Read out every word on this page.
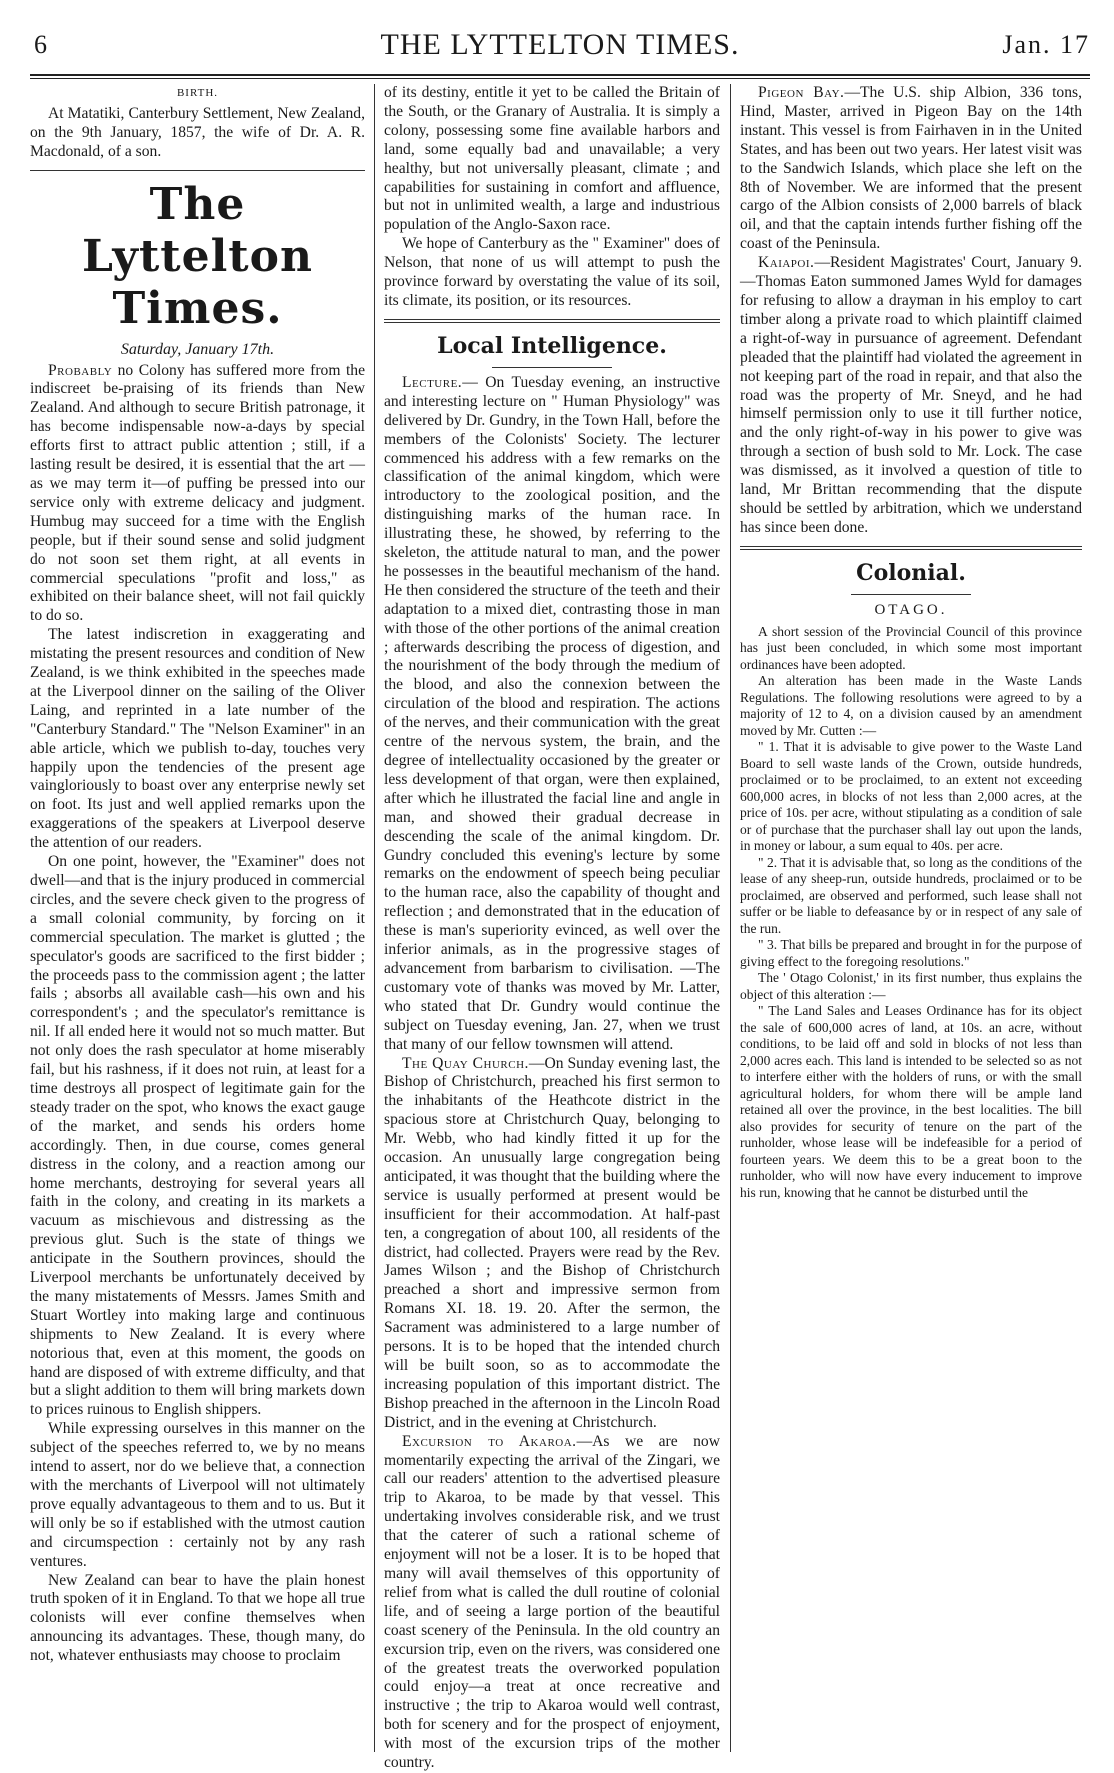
6	THE LYTTELTON TIMES.	Jan. 17
BIRTH.

At Matatiki, Canterbury Settlement, New Zealand, on the 9th January, 1857, the wife of Dr. A. R. Macdonald, of a son.

The Lyttelton Times.
Saturday, January 17th.

Probably no Colony has suffered more from the indiscreet be-praising of its friends than New Zealand. And although to secure British patronage, it has become indispensable now-a-days by special efforts first to attract public attention ; still, if a lasting result be desired, it is essential that the art —as we may term it—of puffing be pressed into our service only with extreme delicacy and judgment. Humbug may succeed for a time with the English people, but if their sound sense and solid judgment do not soon set them right, at all events in commercial speculations "profit and loss," as exhibited on their balance sheet, will not fail quickly to do so.

The latest indiscretion in exaggerating and mistating the present resources and condition of New Zealand, is we think exhibited in the speeches made at the Liverpool dinner on the sailing of the Oliver Laing, and reprinted in a late number of the "Canterbury Standard." The "Nelson Examiner" in an able article, which we publish to-day, touches very happily upon the tendencies of the present age vaingloriously to boast over any enterprise newly set on foot. Its just and well applied remarks upon the exaggerations of the speakers at Liverpool deserve the attention of our readers.

On one point, however, the "Examiner" does not dwell—and that is the injury produced in commercial circles, and the severe check given to the progress of a small colonial community, by forcing on it commercial speculation. The market is glutted ; the speculator's goods are sacrificed to the first bidder ; the proceeds pass to the commission agent ; the latter fails ; absorbs all available cash—his own and his correspondent's ; and the speculator's remittance is nil. If all ended here it would not so much matter. But not only does the rash speculator at home miserably fail, but his rashness, if it does not ruin, at least for a time destroys all prospect of legitimate gain for the steady trader on the spot, who knows the exact gauge of the market, and sends his orders home accordingly. Then, in due course, comes general distress in the colony, and a reaction among our home merchants, destroying for several years all faith in the colony, and creating in its markets a vacuum as mischievous and distressing as the previous glut. Such is the state of things we anticipate in the Southern provinces, should the Liverpool merchants be unfortunately deceived by the many mistatements of Messrs. James Smith and Stuart Wortley into making large and continuous shipments to New Zealand. It is every where notorious that, even at this moment, the goods on hand are disposed of with extreme difficulty, and that but a slight addition to them will bring markets down to prices ruinous to English shippers.

While expressing ourselves in this manner on the subject of the speeches referred to, we by no means intend to assert, nor do we believe that, a connection with the merchants of Liverpool will not ultimately prove equally advantageous to them and to us. But it will only be so if established with the utmost caution and circumspection : certainly not by any rash ventures.

New Zealand can bear to have the plain honest truth spoken of it in England. To that we hope all true colonists will ever confine themselves when announcing its advantages. These, though many, do not, whatever enthusiasts may choose to proclaim

of its destiny, entitle it yet to be called the Britain of the South, or the Granary of Australia. It is simply a colony, possessing some fine available harbors and land, some equally bad and unavailable; a very healthy, but not universally pleasant, climate ; and capabilities for sustaining in comfort and affluence, but not in unlimited wealth, a large and industrious population of the Anglo-Saxon race.

We hope of Canterbury as the " Examiner" does of Nelson, that none of us will attempt to push the province forward by overstating the value of its soil, its climate, its position, or its resources.

Local Intelligence.

Lecture.— On Tuesday evening, an instructive and interesting lecture on " Human Physiology" was delivered by Dr. Gundry, in the Town Hall, before the members of the Colonists' Society. The lecturer commenced his address with a few remarks on the classification of the animal kingdom, which were introductory to the zoological position, and the distinguishing marks of the human race. In illustrating these, he showed, by referring to the skeleton, the attitude natural to man, and the power he possesses in the beautiful mechanism of the hand. He then considered the structure of the teeth and their adaptation to a mixed diet, contrasting those in man with those of the other portions of the animal creation ; afterwards describing the process of digestion, and the nourishment of the body through the medium of the blood, and also the connexion between the circulation of the blood and respiration. The actions of the nerves, and their communication with the great centre of the nervous system, the brain, and the degree of intellectuality occasioned by the greater or less development of that organ, were then explained, after which he illustrated the facial line and angle in man, and showed their gradual decrease in descending the scale of the animal kingdom. Dr. Gundry concluded this evening's lecture by some remarks on the endowment of speech being peculiar to the human race, also the capability of thought and reflection ; and demonstrated that in the education of these is man's superiority evinced, as well over the inferior animals, as in the progressive stages of advancement from barbarism to civilisation. —The customary vote of thanks was moved by Mr. Latter, who stated that Dr. Gundry would continue the subject on Tuesday evening, Jan. 27, when we trust that many of our fellow townsmen will attend.

The Quay Church.—On Sunday evening last, the Bishop of Christchurch, preached his first sermon to the inhabitants of the Heathcote district in the spacious store at Christchurch Quay, belonging to Mr. Webb, who had kindly fitted it up for the occasion. An unusually large congregation being anticipated, it was thought that the building where the service is usually performed at present would be insufficient for their accommodation. At half-past ten, a congregation of about 100, all residents of the district, had collected. Prayers were read by the Rev. James Wilson ; and the Bishop of Christchurch preached a short and impressive sermon from Romans XI. 18. 19. 20. After the sermon, the Sacrament was administered to a large number of persons. It is to be hoped that the intended church will be built soon, so as to accommodate the increasing population of this important district. The Bishop preached in the afternoon in the Lincoln Road District, and in the evening at Christchurch.

Excursion to Akaroa.—As we are now momentarily expecting the arrival of the Zingari, we call our readers' attention to the advertised pleasure trip to Akaroa, to be made by that vessel. This undertaking involves considerable risk, and we trust that the caterer of such a rational scheme of enjoyment will not be a loser. It is to be hoped that many will avail themselves of this opportunity of relief from what is called the dull routine of colonial life, and of seeing a large portion of the beautiful coast scenery of the Peninsula. In the old country an excursion trip, even on the rivers, was considered one of the greatest treats the overworked population could enjoy—a treat at once recreative and instructive ; the trip to Akaroa would well contrast, both for scenery and for the prospect of enjoyment, with most of the excursion trips of the mother country.

Pigeon Bay.—The U.S. ship Albion, 336 tons, Hind, Master, arrived in Pigeon Bay on the 14th instant. This vessel is from Fairhaven in in the United States, and has been out two years. Her latest visit was to the Sandwich Islands, which place she left on the 8th of November. We are informed that the present cargo of the Albion consists of 2,000 barrels of black oil, and that the captain intends further fishing off the coast of the Peninsula.

Kaiapoi.—Resident Magistrates' Court, January 9.—Thomas Eaton summoned James Wyld for damages for refusing to allow a drayman in his employ to cart timber along a private road to which plaintiff claimed a right-of-way in pursuance of agreement. Defendant pleaded that the plaintiff had violated the agreement in not keeping part of the road in repair, and that also the road was the property of Mr. Sneyd, and he had himself permission only to use it till further notice, and the only right-of-way in his power to give was through a section of bush sold to Mr. Lock. The case was dismissed, as it involved a question of title to land, Mr Brittan recommending that the dispute should be settled by arbitration, which we understand has since been done.

Colonial.
OTAGO.

A short session of the Provincial Council of this province has just been concluded, in which some most important ordinances have been adopted.

An alteration has been made in the Waste Lands Regulations. The following resolutions were agreed to by a majority of 12 to 4, on a division caused by an amendment moved by Mr. Cutten :—

" 1. That it is advisable to give power to the Waste Land Board to sell waste lands of the Crown, outside hundreds, proclaimed or to be proclaimed, to an extent not exceeding 600,000 acres, in blocks of not less than 2,000 acres, at the price of 10s. per acre, without stipulating as a condition of sale or of purchase that the purchaser shall lay out upon the lands, in money or labour, a sum equal to 40s. per acre.

" 2. That it is advisable that, so long as the conditions of the lease of any sheep-run, outside hundreds, proclaimed or to be proclaimed, are observed and performed, such lease shall not suffer or be liable to defeasance by or in respect of any sale of the run.

" 3. That bills be prepared and brought in for the purpose of giving effect to the foregoing resolutions."

The ' Otago Colonist,' in its first number, thus explains the object of this alteration :—

" The Land Sales and Leases Ordinance has for its object the sale of 600,000 acres of land, at 10s. an acre, without conditions, to be laid off and sold in blocks of not less than 2,000 acres each. This land is intended to be selected so as not to interfere either with the holders of runs, or with the small agricultural holders, for whom there will be ample land retained all over the province, in the best localities. The bill also provides for security of tenure on the part of the runholder, whose lease will be indefeasible for a period of fourteen years. We deem this to be a great boon to the runholder, who will now have every inducement to improve his run, knowing that he cannot be disturbed until the
